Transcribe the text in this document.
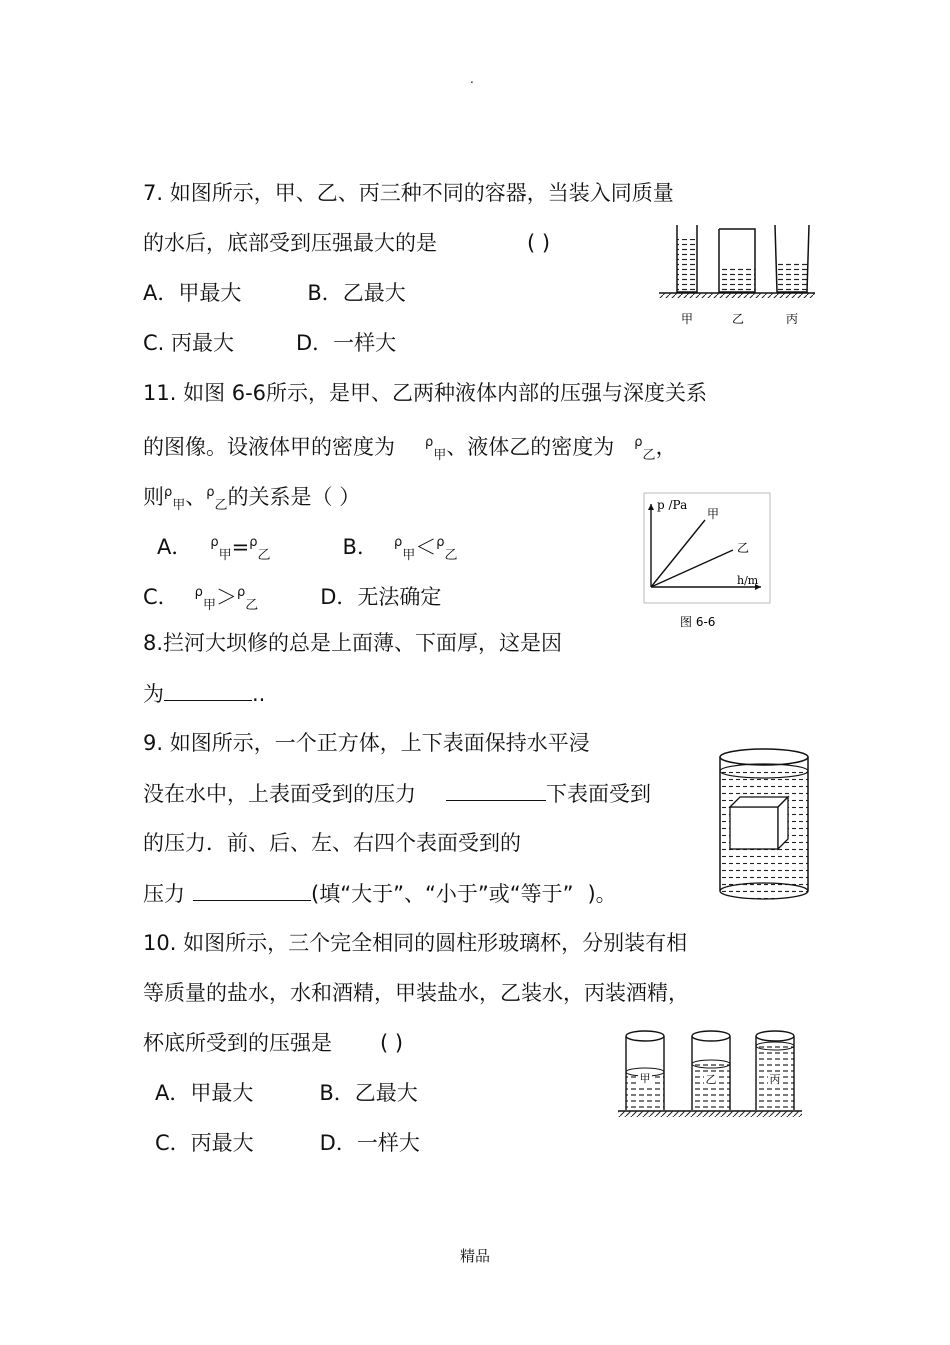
.
7. 如图所示，甲、乙、丙三种不同的容器，当装入同质量
的水后，底部受到压强最大的是	( )
A．甲最大	B．乙最大
C. 丙最大	D．一样大
甲	乙	丙
11. 如图 6-6所示，是甲、乙两种液体内部的压强与深度关系
的图像。设液体甲的密度为 $^\rho_甲$、液体乙的密度为 $^\rho_乙$，
则$^\rho_甲$、$^\rho_乙$的关系是（ ）
A． $^\rho_甲$=$^\rho_乙$	B． $^\rho_甲$＜$^\rho_乙$
C． $^\rho_甲$＞$^\rho_乙$	D．无法确定
p /Pa
h/m
甲
乙
图 6-6
8.拦河大坝修的总是上面薄、下面厚，这是因
为	..
9. 如图所示，一个正方体，上下表面保持水平浸
没在水中，上表面受到的压力	下表面受到
的压力．前、后、左、右四个表面受到的
压力	(填“大于”、“小于”或“等于” )。
10. 如图所示，三个完全相同的圆柱形玻璃杯，分别装有相
等质量的盐水，水和酒精，甲装盐水，乙装水，丙装酒精，
杯底所受到的压强是 ( )
A．甲最大	B．乙最大
C．丙最大	D．一样大
甲	乙	丙
精品
